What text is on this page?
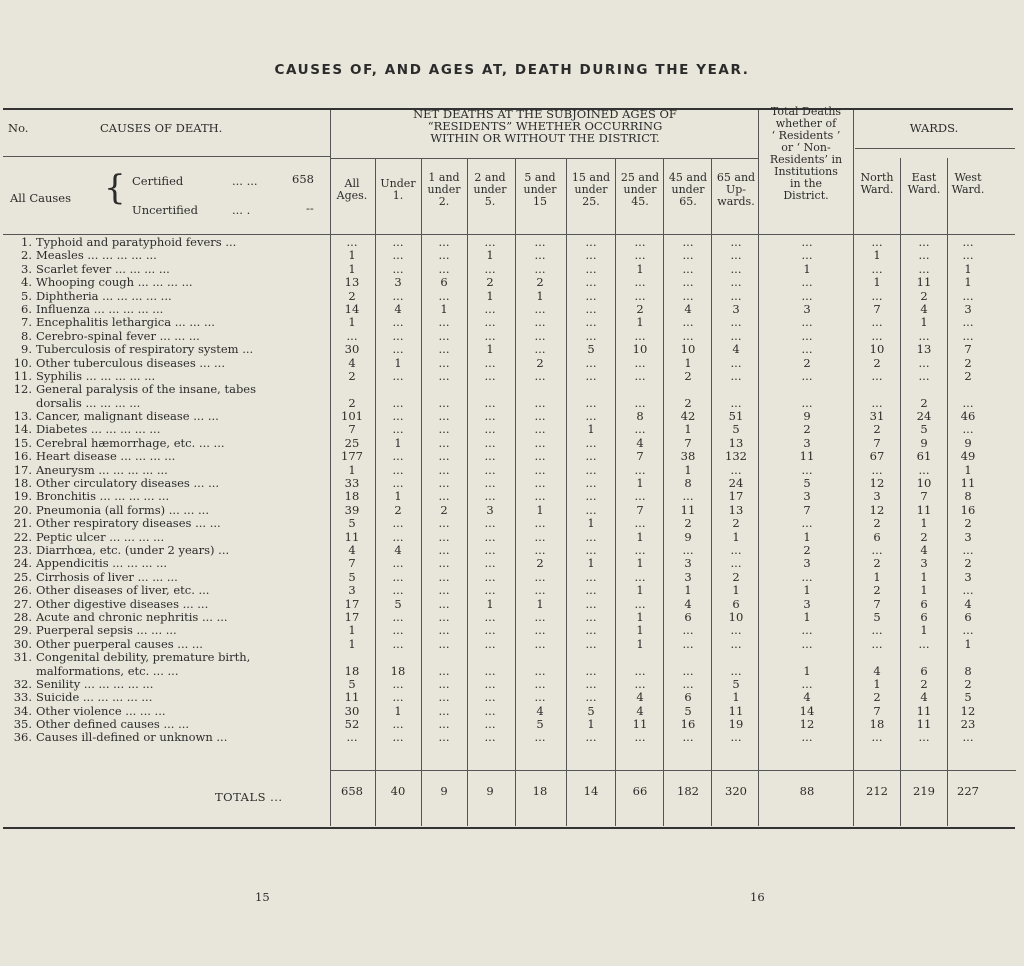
CAUSES OF, AND AGES AT, DEATH DURING THE YEAR.
No.	CAUSES OF DEATH.
NET DEATHS AT THE SUBJOINED AGES OF
“RESIDENTS” WHETHER OCCURRING
WITHIN OR WITHOUT THE DISTRICT.
Total Deaths
whether of
‘ Residents ’
or ‘ Non-
Residents’ in
Institutions
in the
District.
WARDS.
All Causes { Certified	... ...	658
Uncertified	... .	--
All
Ages.
Under
1.
1 and
under
2.
2 and
under
5.
5 and
under
15
15 and
under
25.
25 and
under
45.
45 and
under
65.
65 and
Up-
wards.
North
Ward.
East
Ward.
West
Ward.
1. Typhoid and paratyphoid fevers ...	...	...	...	...	...	...	...	...	...	...	...	...	...
2. Measles ... ... ... ... ...	1	...	...	1	...	...	...	...	...	...	1	...	...
3. Scarlet fever ... ... ... ...	1	...	...	...	...	...	1	...	...	1	...	...	1
4. Whooping cough ... ... ... ...	13	3	6	2	2	...	...	...	...	...	1	11	1
5. Diphtheria ... ... ... ... ...	2	...	...	1	1	...	...	...	...	...	...	2	...
6. Influenza ... ... ... ... ...	14	4	1	...	...	...	2	4	3	3	7	4	3
7. Encephalitis lethargica ... ... ...	1	...	...	...	...	...	1	...	...	...	...	1	...
8. Cerebro-spinal fever ... ... ...	...	...	...	...	...	...	...	...	...	...	...	...	...
9. Tuberculosis of respiratory system ...	30	...	...	1	...	5	10	10	4	...	10	13	7
10. Other tuberculous diseases ... ...	4	1	...	...	2	...	...	1	...	2	2	...	2
11. Syphilis ... ... ... ... ...	2	...	...	...	...	...	...	2	...	...	...	...	2
12. General paralysis of the insane, tabes dorsalis ... ... ... ...	2	...	...	...	...	...	...	2	...	...	...	2	...
13. Cancer, malignant disease ... ...	101	...	...	...	...	...	8	42	51	9	31	24	46
14. Diabetes ... ... ... ... ...	7	...	...	...	...	1	...	1	5	2	2	5	...
15. Cerebral hæmorrhage, etc. ... ...	25	1	...	...	...	...	4	7	13	3	7	9	9
16. Heart disease ... ... ... ...	177	...	...	...	...	...	7	38	132	11	67	61	49
17. Aneurysm ... ... ... ... ...	1	...	...	...	...	...	...	1	...	...	...	...	1
18. Other circulatory diseases ... ...	33	...	...	...	...	...	1	8	24	5	12	10	11
19. Bronchitis ... ... ... ... ...	18	1	...	...	...	...	...	...	17	3	3	7	8
20. Pneumonia (all forms) ... ... ...	39	2	2	3	1	...	7	11	13	7	12	11	16
21. Other respiratory diseases ... ...	5	...	...	...	...	1	...	2	2	...	2	1	2
22. Peptic ulcer ... ... ... ...	11	...	...	...	...	...	1	9	1	1	6	2	3
23. Diarrhœa, etc. (under 2 years) ...	4	4	...	...	...	...	...	...	...	2	...	4	...
24. Appendicitis ... ... ... ...	7	...	...	...	2	1	1	3	...	3	2	3	2
25. Cirrhosis of liver ... ... ...	5	...	...	...	...	...	...	3	2	...	1	1	3
26. Other diseases of liver, etc. ...	3	...	...	...	...	...	1	1	1	1	2	1	...
27. Other digestive diseases ... ...	17	5	...	1	1	...	...	4	6	3	7	6	4
28. Acute and chronic nephritis ... ...	17	...	...	...	...	...	1	6	10	1	5	6	6
29. Puerperal sepsis ... ... ...	1	...	...	...	...	...	1	...	...	...	...	1	...
30. Other puerperal causes ... ...	1	...	...	...	...	...	1	...	...	...	...	...	1
31. Congenital debility, premature birth, malformations, etc. ... ...	18	18	...	...	...	...	...	...	...	1	4	6	8
32. Senility ... ... ... ... ...	5	...	...	...	...	...	...	...	5	...	1	2	2
33. Suicide ... ... ... ... ...	11	...	...	...	...	...	4	6	1	4	2	4	5
34. Other violence ... ... ...	30	1	...	...	4	5	4	5	11	14	7	11	12
35. Other defined causes ... ...	52	...	...	...	5	1	11	16	19	12	18	11	23
36. Causes ill-defined or unknown ...	...	...	...	...	...	...	...	...	...	...	...	...	...
TOTALS ...	658	40	9	9	18	14	66	182	320	88	212	219	227
15	16
